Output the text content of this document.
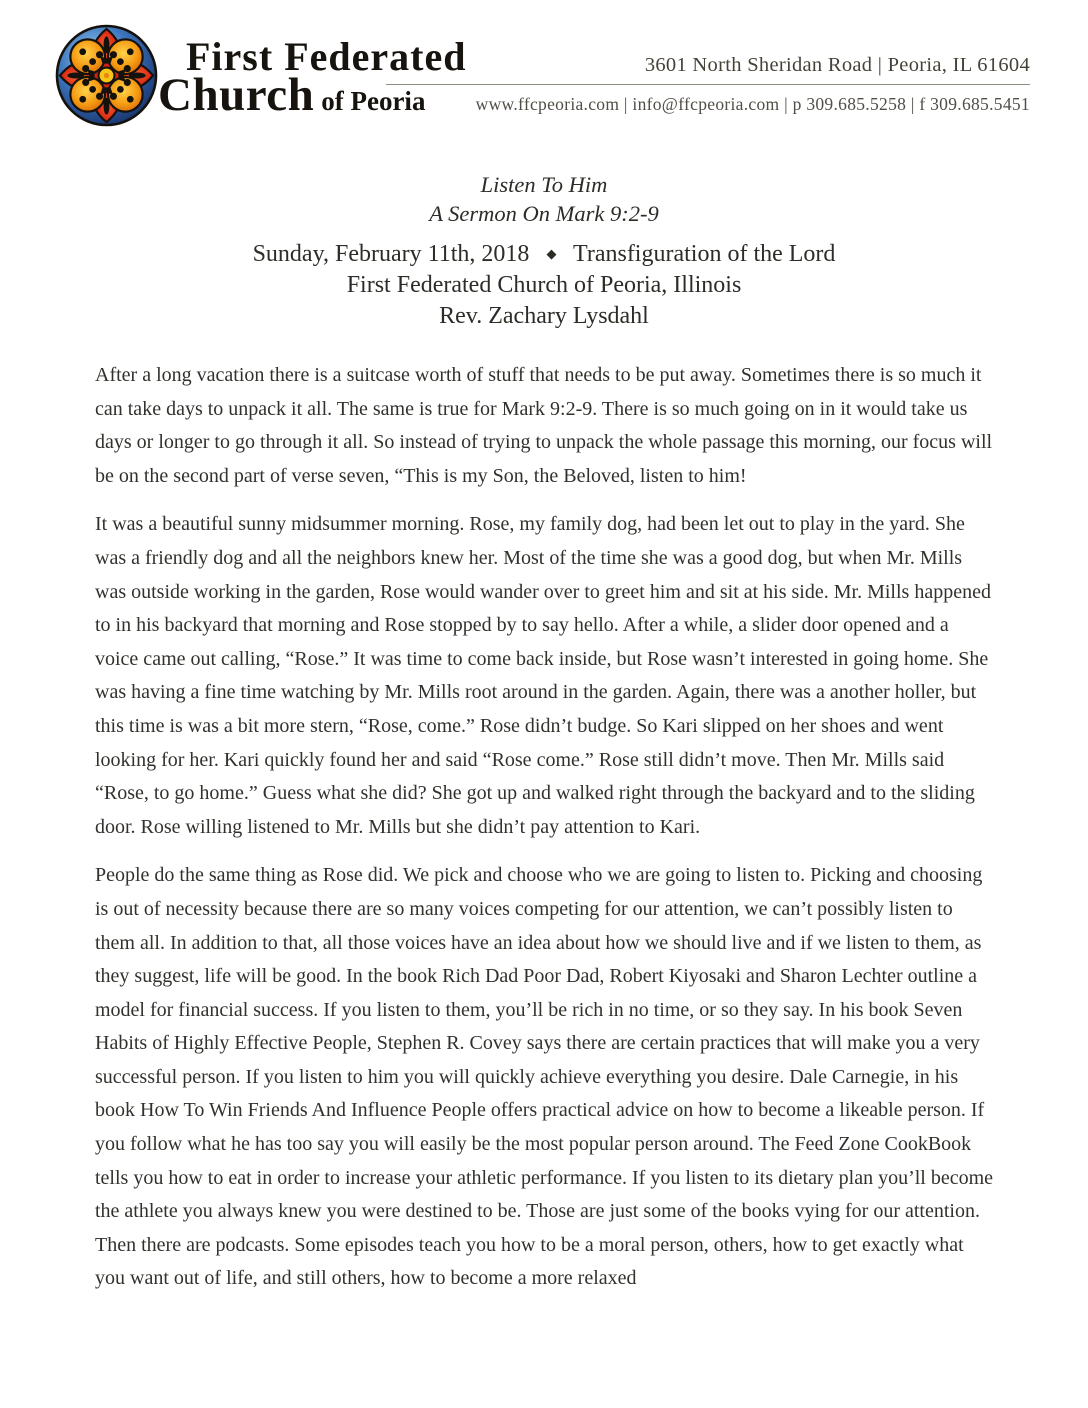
First Federated
Church of Peoria
3601 North Sheridan Road | Peoria, IL 61604
www.ffcpeoria.com | info@ffcpeoria.com | p 309.685.5258 | f 309.685.5451
Listen To Him
A Sermon On Mark 9:2-9
Sunday, February 11th, 2018 ◆ Transfiguration of the Lord
First Federated Church of Peoria, Illinois
Rev. Zachary Lysdahl

After a long vacation there is a suitcase worth of stuff that needs to be put away. Sometimes there is so much it can take days to unpack it all. The same is true for Mark 9:2-9. There is so much going on in it would take us days or longer to go through it all. So instead of trying to unpack the whole passage this morning, our focus will be on the second part of verse seven, “This is my Son, the Beloved, listen to him!

It was a beautiful sunny midsummer morning. Rose, my family dog, had been let out to play in the yard. She was a friendly dog and all the neighbors knew her. Most of the time she was a good dog, but when Mr. Mills was outside working in the garden, Rose would wander over to greet him and sit at his side. Mr. Mills happened to in his backyard that morning and Rose stopped by to say hello. After a while, a slider door opened and a voice came out calling, “Rose.” It was time to come back inside, but Rose wasn’t interested in going home. She was having a fine time watching by Mr. Mills root around in the garden. Again, there was a another holler, but this time is was a bit more stern, “Rose, come.” Rose didn’t budge. So Kari slipped on her shoes and went looking for her. Kari quickly found her and said “Rose come.” Rose still didn’t move. Then Mr. Mills said “Rose, to go home.” Guess what she did? She got up and walked right through the backyard and to the sliding door. Rose willing listened to Mr. Mills but she didn’t pay attention to Kari.

People do the same thing as Rose did. We pick and choose who we are going to listen to. Picking and choosing is out of necessity because there are so many voices competing for our attention, we can’t possibly listen to them all. In addition to that, all those voices have an idea about how we should live and if we listen to them, as they suggest, life will be good. In the book Rich Dad Poor Dad, Robert Kiyosaki and Sharon Lechter outline a model for financial success. If you listen to them, you’ll be rich in no time, or so they say. In his book Seven Habits of Highly Effective People, Stephen R. Covey says there are certain practices that will make you a very successful person. If you listen to him you will quickly achieve everything you desire. Dale Carnegie, in his book How To Win Friends And Influence People offers practical advice on how to become a likeable person. If you follow what he has too say you will easily be the most popular person around. The Feed Zone CookBook tells you how to eat in order to increase your athletic performance. If you listen to its dietary plan you’ll become the athlete you always knew you were destined to be. Those are just some of the books vying for our attention. Then there are podcasts. Some episodes teach you how to be a moral person, others, how to get exactly what you want out of life, and still others, how to become a more relaxed
